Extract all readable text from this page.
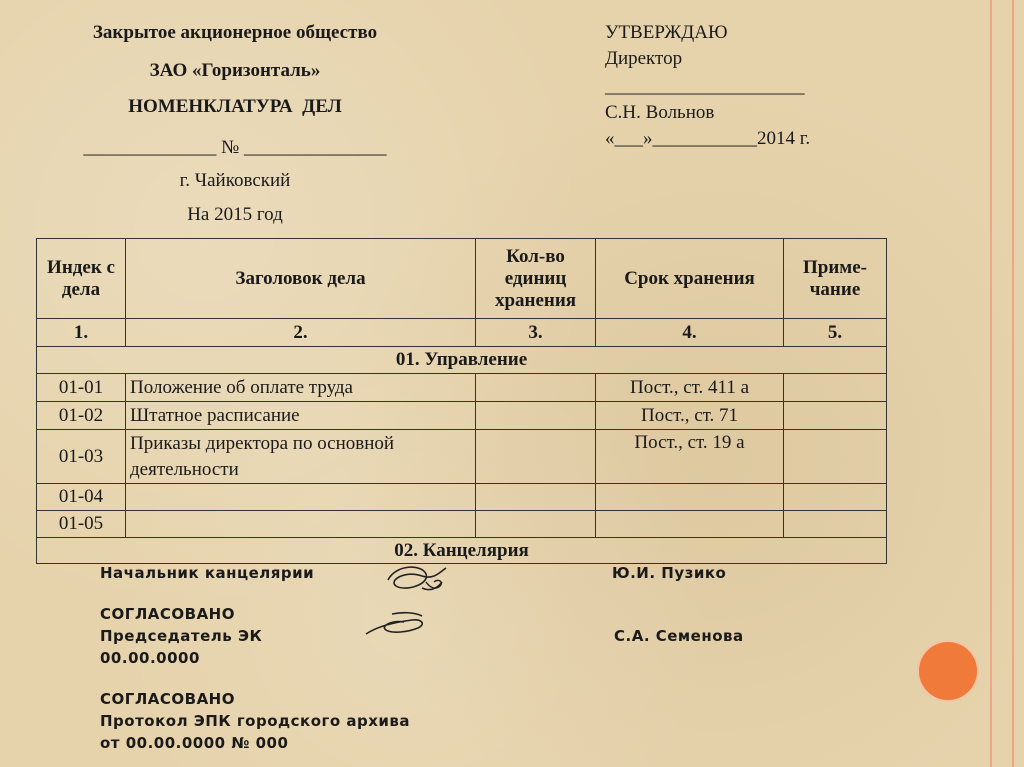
Закрытое акционерное общество
ЗАО «Горизонталь»
НОМЕНКЛАТУРА  ДЕЛ
______________ № _______________
г. Чайковский
На 2015 год
УТВЕРЖДАЮ
Директор
_____________________
С.Н. Вольнов
«___»___________2014 г.
Индек с дела	Заголовок дела	Кол-во единиц хранения	Срок хранения	Приме-чание
1.	2.	3.	4.	5.
01. Управление				
01-01	Положение об оплате труда		Пост., ст. 411 а	
01-02	Штатное расписание		Пост., ст. 71	
01-03	Приказы директора по основной деятельности		Пост., ст. 19 а	
01-04				
01-05				
02. Канцелярия				
Начальник канцелярии	Ю.И. Пузико
СОГЛАСОВАНО
Председатель ЭК	С.А. Семенова
00.00.0000
СОГЛАСОВАНО
Протокол ЭПК городского архива
от 00.00.0000 № 000
